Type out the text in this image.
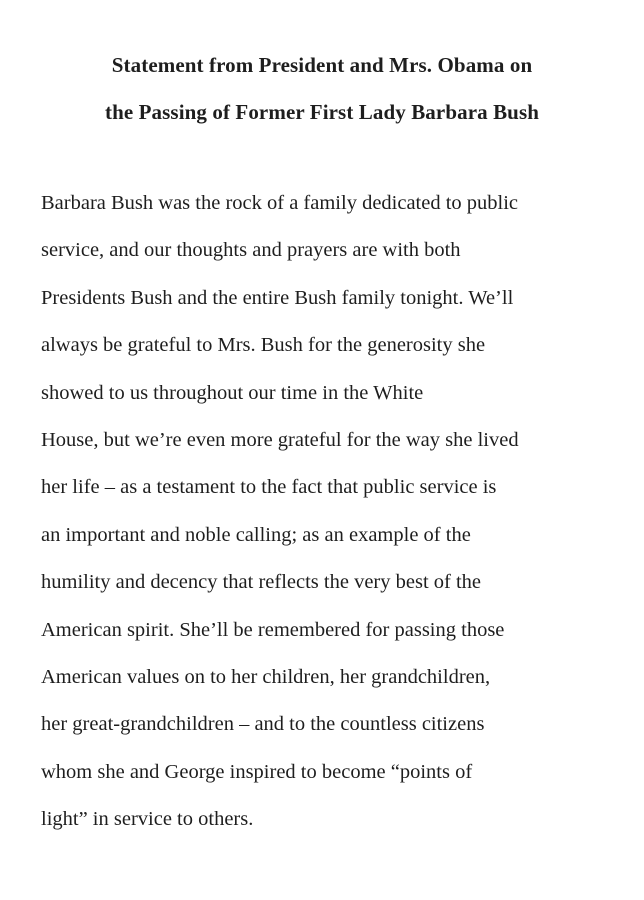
Statement from President and Mrs. Obama on
the Passing of Former First Lady Barbara Bush

Barbara Bush was the rock of a family dedicated to public
service, and our thoughts and prayers are with both
Presidents Bush and the entire Bush family tonight. We’ll
always be grateful to Mrs. Bush for the generosity she
showed to us throughout our time in the White
House, but we’re even more grateful for the way she lived
her life – as a testament to the fact that public service is
an important and noble calling; as an example of the
humility and decency that reflects the very best of the
American spirit. She’ll be remembered for passing those
American values on to her children, her grandchildren,
her great-grandchildren – and to the countless citizens
whom she and George inspired to become “points of
light” in service to others.
